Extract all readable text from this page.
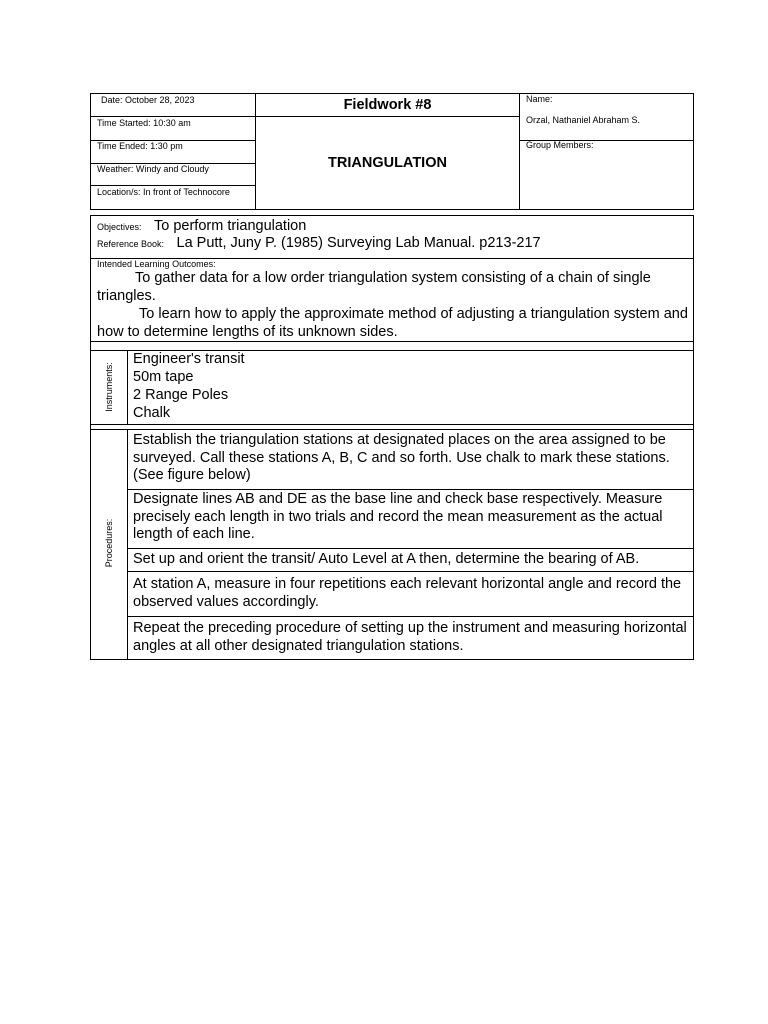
Date: October 28, 2023
Time Started: 10:30 am
Time Ended: 1:30 pm
Weather: Windy and Cloudy
Location/s: In front of Technocore
Fieldwork #8
TRIANGULATION
Name:
Orzal, Nathaniel Abraham S.
Group Members:
Objectives: To perform triangulation
Reference Book: La Putt, Juny P. (1985) Surveying Lab Manual. p213-217
Intended Learning Outcomes:
To gather data for a low order triangulation system consisting of a chain of single triangles.
To learn how to apply the approximate method of adjusting a triangulation system and how to determine lengths of its unknown sides.
Instruments:
Engineer's transit
50m tape
2 Range Poles
Chalk
Procedures:
Establish the triangulation stations at designated places on the area assigned to be surveyed. Call these stations A, B, C and so forth. Use chalk to mark these stations. (See figure below)
Designate lines AB and DE as the base line and check base respectively. Measure precisely each length in two trials and record the mean measurement as the actual length of each line.
Set up and orient the transit/ Auto Level at A then, determine the bearing of AB.
At station A, measure in four repetitions each relevant horizontal angle and record the observed values accordingly.
Repeat the preceding procedure of setting up the instrument and measuring horizontal angles at all other designated triangulation stations.
